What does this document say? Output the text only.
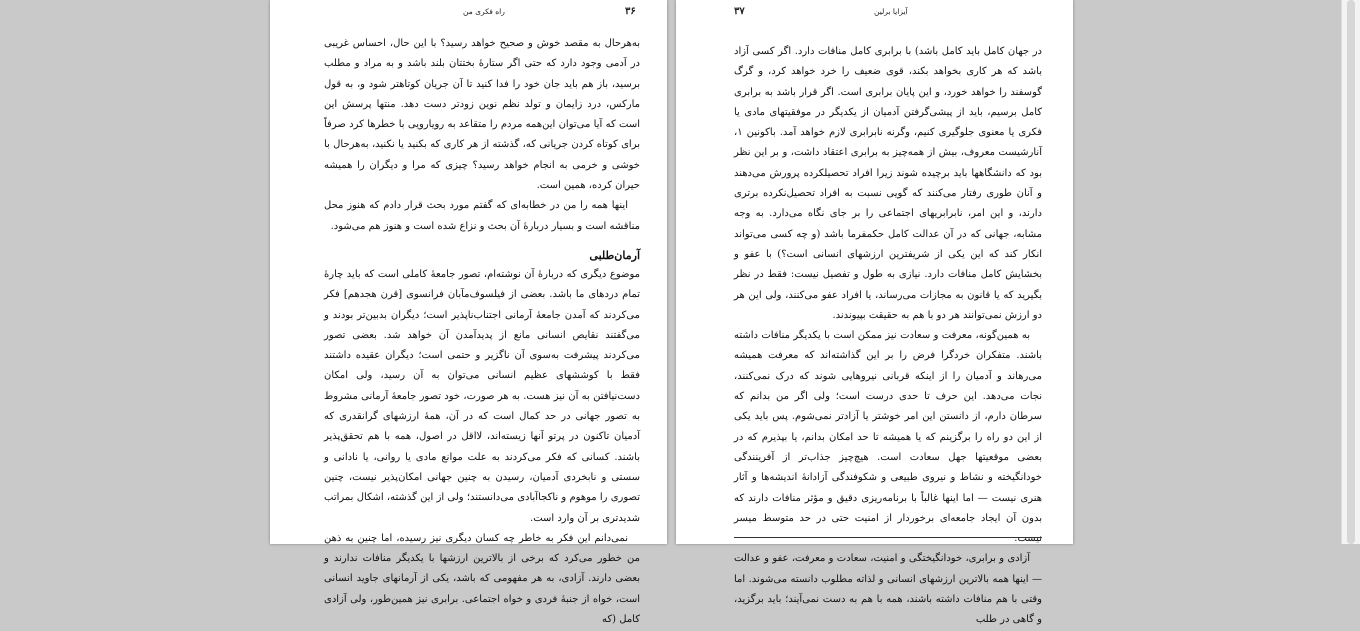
۳۶
راه فکری من

به‌هرحال به مقصد خوش و صحیح خواهد رسید؟ با این حال، احساس غریبی در آدمی وجود دارد که حتی اگر ستارهٔ بختتان بلند باشد و به مراد و مطلب برسید، باز هم باید جان خود را فدا کنید تا آن جریان کوتاهتر شود و، به قول مارکس، درد زایمان و تولد نظم نوین زودتر دست دهد. منتها پرسش این است که آیا می‌توان این‌همه مردم را متقاعد به رویارویی با خطرها کرد صرفاً برای کوتاه کردن جریانی که، گذشته از هر کاری که بکنید یا نکنید، به‌هرحال با خوشی و خرمی به انجام خواهد رسید؟ چیزی که مرا و دیگران را همیشه حیران کرده، همین است.

اینها همه را من در خطابه‌ای که گفتم مورد بحث قرار دادم که هنوز محل مناقشه است و بسیار دربارهٔ آن بحث و نزاع شده است و هنوز هم می‌شود.

آرمان‌طلبی

موضوع دیگری که دربارهٔ آن نوشته‌ام، تصور جامعهٔ کاملی است که باید چارهٔ تمام دردهای ما باشد. بعضی از فیلسوف‌مآبان فرانسوی [قرن هجدهم] فکر می‌کردند که آمدن جامعهٔ آرمانی اجتناب‌ناپذیر است؛ دیگران بدبین‌تر بودند و می‌گفتند نقایص انسانی مانع از پدیدآمدن آن خواهد شد. بعضی تصور می‌کردند پیشرفت به‌سوی آن ناگزیر و حتمی است؛ دیگران عقیده داشتند فقط با کوششهای عظیم انسانی می‌توان به آن رسید، ولی امکان دست‌نیافتن به آن نیز هست. به هر صورت، خود تصور جامعهٔ آرمانی مشروط به تصور جهانی در حد کمال است که در آن، همهٔ ارزشهای گرانقدری که آدمیان تاکنون در پرتو آنها زیسته‌اند، لااقل در اصول، همه با هم تحقق‌پذیر باشند. کسانی که فکر می‌کردند به علت موانع مادی یا روانی، یا نادانی و سستی و نابخردی آدمیان، رسیدن به چنین جهانی امکان‌پذیر نیست، چنین تصوری را موهوم و ناکجاآبادی می‌دانستند؛ ولی از این گذشته، اشکال بمراتب شدیدتری بر آن وارد است.

نمی‌دانم این فکر به خاطر چه کسان دیگری نیز رسیده، اما چنین به ذهن من خطور می‌کرد که برخی از بالاترین ارزشها با یکدیگر منافات ندارند و بعضی دارند. آزادی، به هر مفهومی که باشد، یکی از آرمانهای جاوید انسانی است، خواه از جنبهٔ فردی و خواه اجتماعی. برابری نیز همین‌طور، ولی آزادی کامل (که

۳۷	آیزایا برلین

در جهان کامل باید کامل باشد) با برابری کامل منافات دارد. اگر کسی آزاد باشد که هر کاری بخواهد بکند، قوی ضعیف را خرد خواهد کرد، و گرگ گوسفند را خواهد خورد، و این پایان برابری است. اگر قرار باشد به برابری کامل برسیم، باید از پیشی‌گرفتن آدمیان از یکدیگر در موفقیتهای مادی یا فکری یا معنوی جلوگیری کنیم، وگرنه نابرابری لازم خواهد آمد. باکونین ۱، آنارشیست معروف، بیش از همه‌چیز به برابری اعتقاد داشت، و بر این نظر بود که دانشگاهها باید برچیده شوند زیرا افراد تحصیلکرده پرورش می‌دهند و آنان طوری رفتار می‌کنند که گویی نسبت به افراد تحصیل‌نکرده برتری دارند، و این امر، نابرابریهای اجتماعی را بر جای نگاه می‌دارد. به وجه مشابه، جهانی که در آن عدالت کامل حکمفرما باشد (و چه کسی می‌تواند انکار کند که این یکی از شریفترین ارزشهای انسانی است؟) با عفو و بخشایش کامل منافات دارد. نیازی به طول و تفصیل نیست: فقط در نظر بگیرید که یا قانون به مجازات می‌رساند، یا افراد عفو می‌کنند، ولی این هر دو ارزش نمی‌توانند هر دو با هم به حقیقت بپیوندند.

به همین‌گونه، معرفت و سعادت نیز ممکن است با یکدیگر منافات داشته باشند. متفکران خردگرا فرض را بر این گذاشته‌اند که معرفت همیشه می‌رهاند و آدمیان را از اینکه قربانی نیروهایی شوند که درک نمی‌کنند، نجات می‌دهد. این حرف تا حدی درست است؛ ولی اگر من بدانم که سرطان دارم، از دانستن این امر خوشتر یا آزادتر نمی‌شوم. پس باید یکی از این دو راه را برگزینم که یا همیشه تا حد امکان بدانم، یا بپذیرم که در بعضی موقعیتها جهل سعادت است. هیچ‌چیز جذاب‌تر از آفرینندگی خودانگیخته و نشاط و نیروی طبیعی و شکوفندگی آزادانهٔ اندیشه‌ها و آثار هنری نیست — اما اینها غالباً با برنامه‌ریزی دقیق و مؤثر منافات دارند که بدون آن ایجاد جامعه‌ای برخوردار از امنیت حتی در حد متوسط میسر نیست.

آزادی و برابری، خودانگیختگی و امنیت، سعادت و معرفت، عفو و عدالت — اینها همه بالاترین ارزشهای انسانی و لذاته مطلوب دانسته می‌شوند. اما وقتی با هم منافات داشته باشند، همه با هم به دست نمی‌آیند؛ باید برگزید، و گاهی در طلب
